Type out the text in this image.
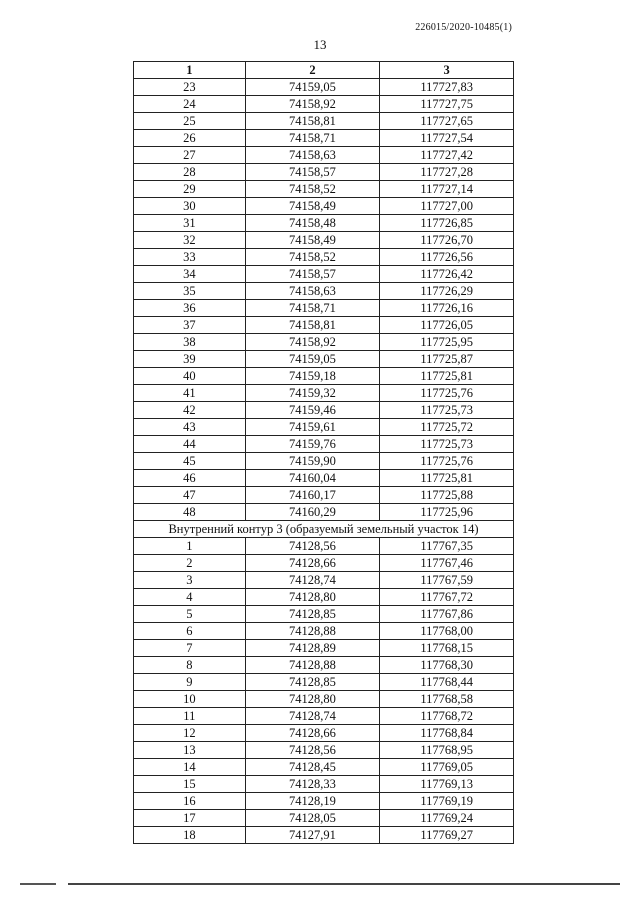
226015/2020-10485(1)
13
1	2	3
23	74159,05	117727,83
24	74158,92	117727,75
25	74158,81	117727,65
26	74158,71	117727,54
27	74158,63	117727,42
28	74158,57	117727,28
29	74158,52	117727,14
30	74158,49	117727,00
31	74158,48	117726,85
32	74158,49	117726,70
33	74158,52	117726,56
34	74158,57	117726,42
35	74158,63	117726,29
36	74158,71	117726,16
37	74158,81	117726,05
38	74158,92	117725,95
39	74159,05	117725,87
40	74159,18	117725,81
41	74159,32	117725,76
42	74159,46	117725,73
43	74159,61	117725,72
44	74159,76	117725,73
45	74159,90	117725,76
46	74160,04	117725,81
47	74160,17	117725,88
48	74160,29	117725,96
Внутренний контур 3 (образуемый земельный участок 14)		
1	74128,56	117767,35
2	74128,66	117767,46
3	74128,74	117767,59
4	74128,80	117767,72
5	74128,85	117767,86
6	74128,88	117768,00
7	74128,89	117768,15
8	74128,88	117768,30
9	74128,85	117768,44
10	74128,80	117768,58
11	74128,74	117768,72
12	74128,66	117768,84
13	74128,56	117768,95
14	74128,45	117769,05
15	74128,33	117769,13
16	74128,19	117769,19
17	74128,05	117769,24
18	74127,91	117769,27
